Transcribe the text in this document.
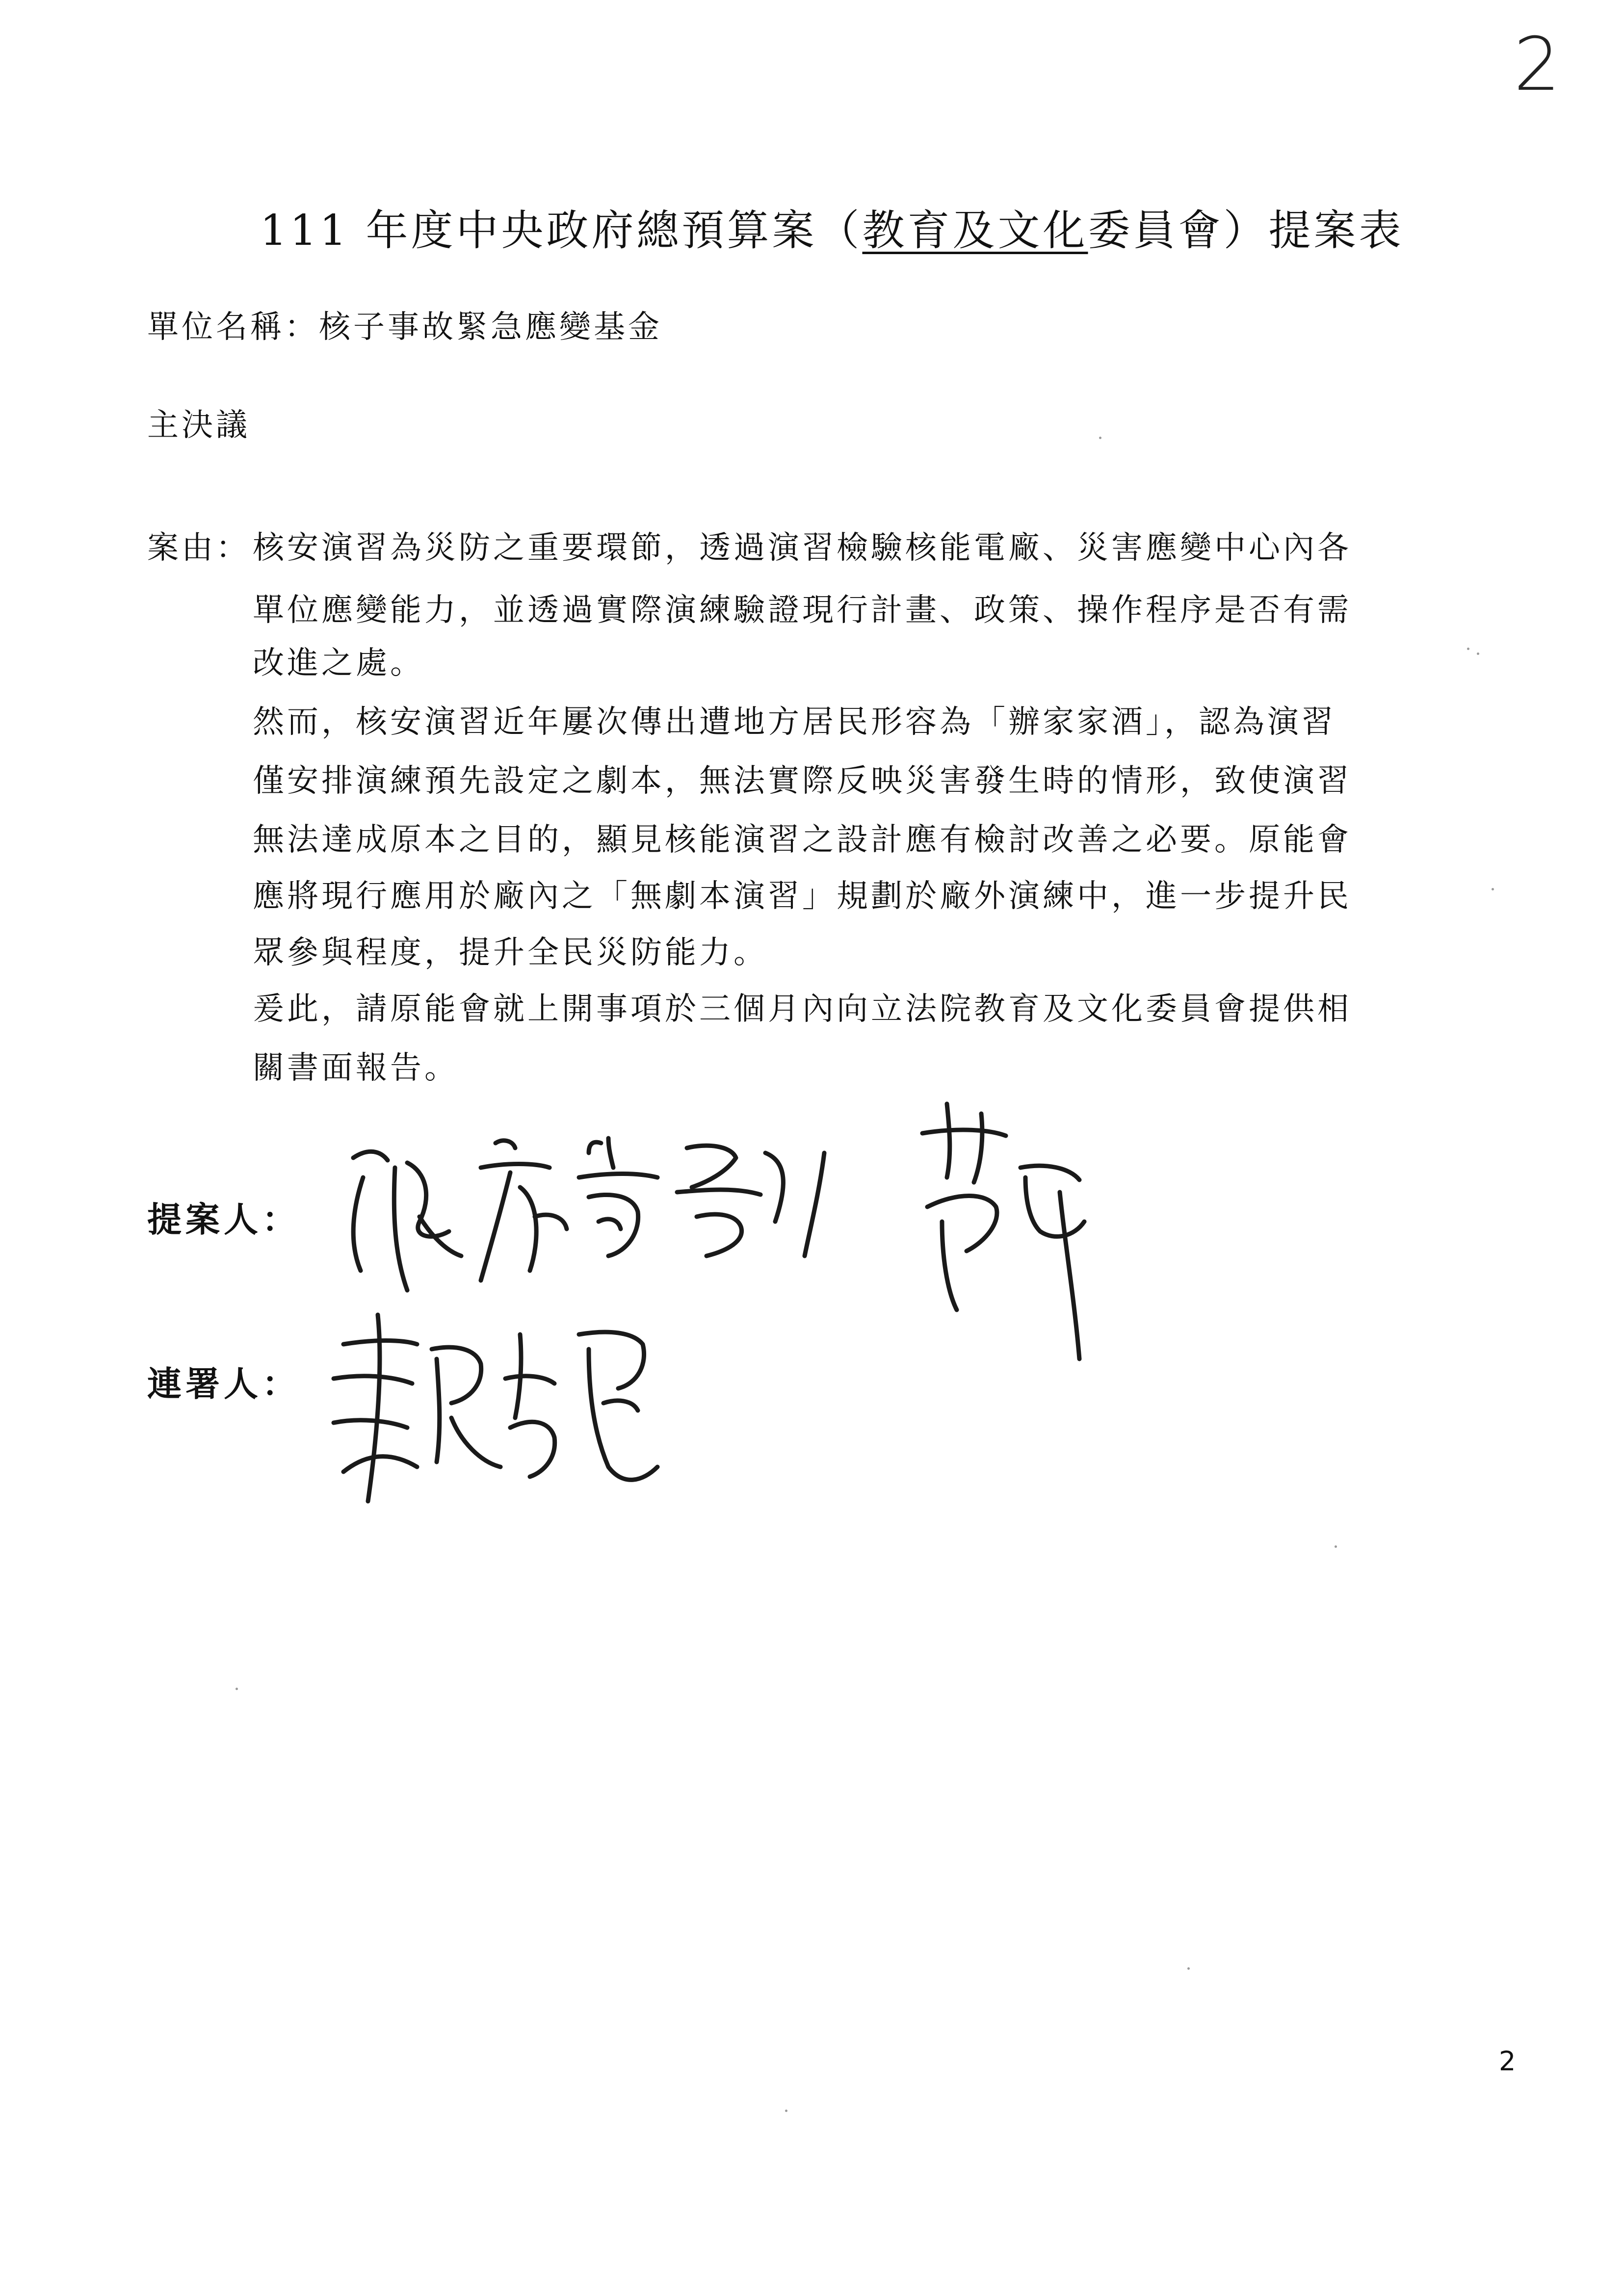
2
111 年度中央政府總預算案（教育及文化委員會）提案表
單位名稱：核子事故緊急應變基金
主決議
案由： 核安演習為災防之重要環節，透過演習檢驗核能電廠、災害應變中心內各
單位應變能力，並透過實際演練驗證現行計畫、政策、操作程序是否有需
改進之處。
然而，核安演習近年屢次傳出遭地方居民形容為「辦家家酒」，認為演習
僅安排演練預先設定之劇本，無法實際反映災害發生時的情形，致使演習
無法達成原本之目的，顯見核能演習之設計應有檢討改善之必要。原能會
應將現行應用於廠內之「無劇本演習」規劃於廠外演練中，進一步提升民
眾參與程度，提升全民災防能力。
爰此，請原能會就上開事項於三個月內向立法院教育及文化委員會提供相
關書面報告。
提案人：
連署人：
2
